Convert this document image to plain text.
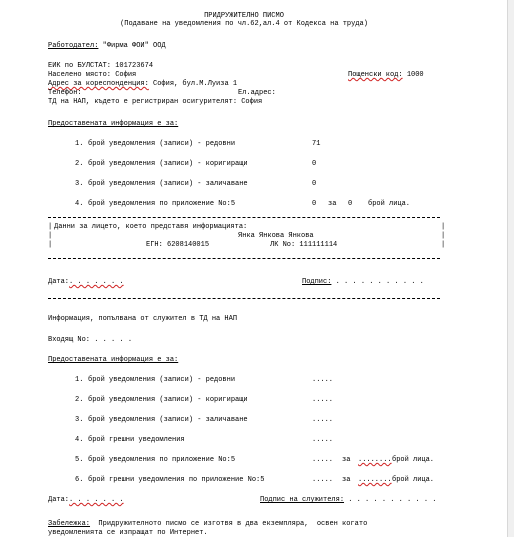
ПРИДРУЖИТЕЛНО ПИСМО
(Подаване на уведомления по чл.62,ал.4 от Кодекса на труда)
Работодател: "Фирма ФОИ" ООД
ЕИК по БУЛСТАТ: 101723674
Населено място: София	Пощенски код: 1000
Адрес за кореспонденция: София, бул.М.Луиза 1
Телефон:	Ел.адрес:
ТД на НАП, където е регистриран осигурителят: София
Предоставената информация е за:
1. брой уведомления (записи) - редовни	71
2. брой уведомления (записи) - коригиращи	0
3. брой уведомления (записи) - заличаване	0
4. брой уведомления по приложение No:5	0 за 0 брой лица.
|	|
|	|
|	|
Данни за лицето, което представя информацията:
Янка Янкова Янкова
ЕГН: 6208140015	ЛК No: 111111114
Дата:. . . . . . .	Подпис: . . . . . . . . . . .
Информация, попълвана от служител в ТД на НАП
Входящ No: . . . . .
Предоставената информация е за:
1. брой уведомления (записи) - редовни	.....
2. брой уведомления (записи) - коригиращи	.....
3. брой уведомления (записи) - заличаване	.....
4. брой грешни уведомления	.....
5. брой уведомления по приложение No:5	..... за ........ брой лица.
6. брой грешни уведомления по приложение No:5	..... за ........ брой лица.
Дата:. . . . . . .	Подпис на служителя: . . . . . . . . . . .
Забележка: Придружителното писмо се изготвя в два екземпляра,  освен когато
уведомленията се изпращат по Интернет.
